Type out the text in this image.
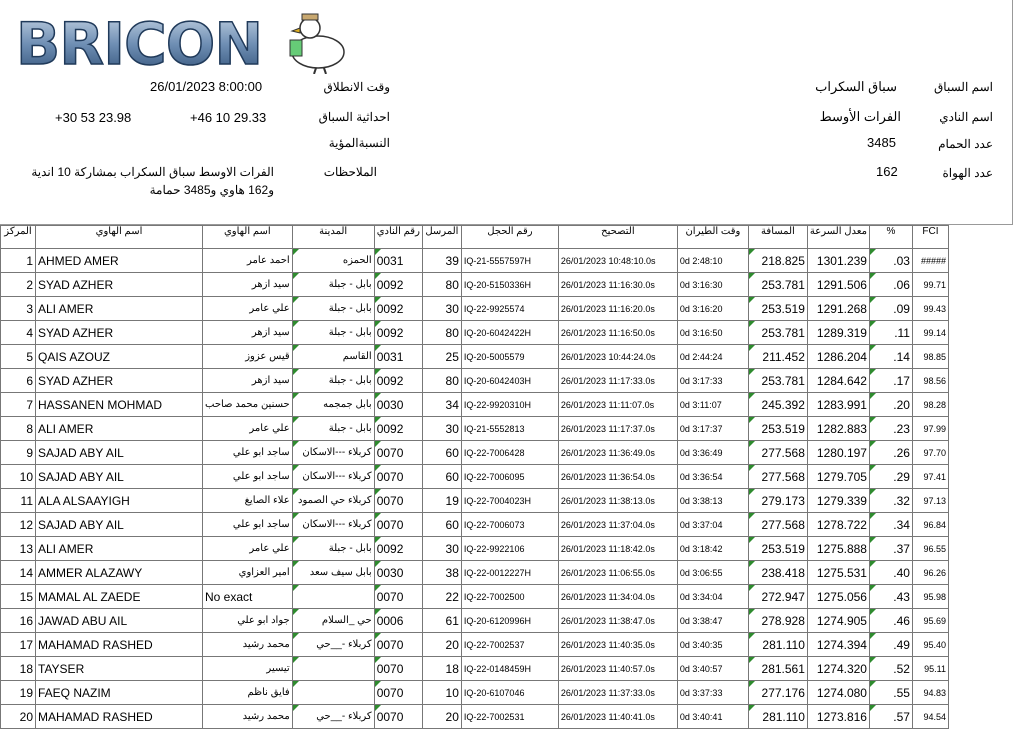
BRICON
اسم السباق
سباق السكراب
اسم النادي
الفرات الأوسط
عدد الحمام
3485
عدد الهواة
162
وقت الانطلاق
26/01/2023 8:00:00
احداثية السباق
+46 10 29.33
+30 53 23.98
النسبةالمؤية
الملاحظات
الفرات الاوسط سباق السكراب بمشاركة 10 اندية
و162 هاوي و3485 حمامة
المركز	اسم الهاوي	اسم الهاوي	المدينة	رقم النادي	المرسل	رقم الحجل	التصحيح	وقت الطيران	المسافة	معدل السرعة	%	FCI
1	AHMED AMER	احمد عامر	الحمزه	0031	39	IQ-21-5557597H	26/01/2023 10:48:10.0s	0d 2:48:10	218.825	1301.239	.03	#####
2	SYAD AZHER	سيد ازهر	بابل - جبلة	0092	80	IQ-20-5150336H	26/01/2023 11:16:30.0s	0d 3:16:30	253.781	1291.506	.06	99.71
3	ALI AMER	علي عامر	بابل - جبلة	0092	30	IQ-22-9925574	26/01/2023 11:16:20.0s	0d 3:16:20	253.519	1291.268	.09	99.43
4	SYAD AZHER	سيد ازهر	بابل - جبلة	0092	80	IQ-20-6042422H	26/01/2023 11:16:50.0s	0d 3:16:50	253.781	1289.319	.11	99.14
5	QAIS AZOUZ	قيس عزوز	القاسم	0031	25	IQ-20-5005579	26/01/2023 10:44:24.0s	0d 2:44:24	211.452	1286.204	.14	98.85
6	SYAD AZHER	سيد ازهر	بابل - جبلة	0092	80	IQ-20-6042403H	26/01/2023 11:17:33.0s	0d 3:17:33	253.781	1284.642	.17	98.56
7	HASSANEN MOHMAD	حسنين محمد صاحب	بابل جمجمه	0030	34	IQ-22-9920310H	26/01/2023 11:11:07.0s	0d 3:11:07	245.392	1283.991	.20	98.28
8	ALI AMER	علي عامر	بابل - جبلة	0092	30	IQ-21-5552813	26/01/2023 11:17:37.0s	0d 3:17:37	253.519	1282.883	.23	97.99
9	SAJAD ABY AIL	ساجد ابو علي	كربلاء ---الاسكان	0070	60	IQ-22-7006428	26/01/2023 11:36:49.0s	0d 3:36:49	277.568	1280.197	.26	97.70
10	SAJAD ABY AIL	ساجد ابو علي	كربلاء ---الاسكان	0070	60	IQ-22-7006095	26/01/2023 11:36:54.0s	0d 3:36:54	277.568	1279.705	.29	97.41
11	ALA ALSAAYIGH	علاء الصايغ	كربلاء حي الصمود	0070	19	IQ-22-7004023H	26/01/2023 11:38:13.0s	0d 3:38:13	279.173	1279.339	.32	97.13
12	SAJAD ABY AIL	ساجد ابو علي	كربلاء ---الاسكان	0070	60	IQ-22-7006073	26/01/2023 11:37:04.0s	0d 3:37:04	277.568	1278.722	.34	96.84
13	ALI AMER	علي عامر	بابل - جبلة	0092	30	IQ-22-9922106	26/01/2023 11:18:42.0s	0d 3:18:42	253.519	1275.888	.37	96.55
14	AMMER ALAZAWY	امير العزاوي	بابل سيف سعد	0030	38	IQ-22-0012227H	26/01/2023 11:06:55.0s	0d 3:06:55	238.418	1275.531	.40	96.26
15	MAMAL AL ZAEDE	No exact		0070	22	IQ-22-7002500	26/01/2023 11:34:04.0s	0d 3:34:04	272.947	1275.056	.43	95.98
16	JAWAD ABU AIL	جواد ابو علي	حي _السلام	0006	61	IQ-20-6120996H	26/01/2023 11:38:47.0s	0d 3:38:47	278.928	1274.905	.46	95.69
17	MAHAMAD RASHED	محمد رشيد	كربلاء -__حي	0070	20	IQ-22-7002537	26/01/2023 11:40:35.0s	0d 3:40:35	281.110	1274.394	.49	95.40
18	TAYSER	تيسير		0070	18	IQ-22-0148459H	26/01/2023 11:40:57.0s	0d 3:40:57	281.561	1274.320	.52	95.11
19	FAEQ NAZIM	فايق ناظم		0070	10	IQ-20-6107046	26/01/2023 11:37:33.0s	0d 3:37:33	277.176	1274.080	.55	94.83
20	MAHAMAD RASHED	محمد رشيد	كربلاء -__حي	0070	20	IQ-22-7002531	26/01/2023 11:40:41.0s	0d 3:40:41	281.110	1273.816	.57	94.54
